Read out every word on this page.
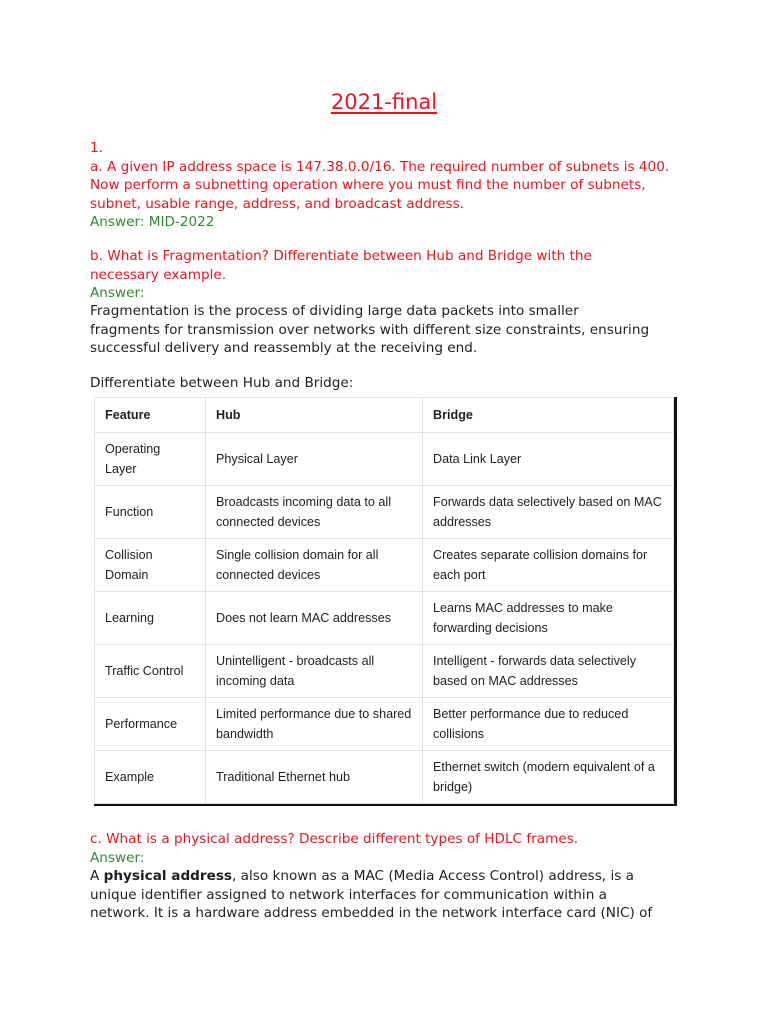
2021-final

1.

a. A given IP address space is 147.38.0.0/16. The required number of subnets is 400.

Now perform a subnetting operation where you must find the number of subnets,

subnet, usable range, address, and broadcast address.

Answer: MID-2022

b. What is Fragmentation? Differentiate between Hub and Bridge with the

necessary example.

Answer:

Fragmentation is the process of dividing large data packets into smaller

fragments for transmission over networks with different size constraints, ensuring

successful delivery and reassembly at the receiving end.

Differentiate between Hub and Bridge:

Feature	Hub	Bridge
Operating Layer	Physical Layer	Data Link Layer
Function	Broadcasts incoming data to all connected devices	Forwards data selectively based on MAC addresses
Collision Domain	Single collision domain for all connected devices	Creates separate collision domains for each port
Learning	Does not learn MAC addresses	Learns MAC addresses to make forwarding decisions
Traffic Control	Unintelligent - broadcasts all incoming data	Intelligent - forwards data selectively based on MAC addresses
Performance	Limited performance due to shared bandwidth	Better performance due to reduced collisions
Example	Traditional Ethernet hub	Ethernet switch (modern equivalent of a bridge)

c. What is a physical address? Describe different types of HDLC frames.

Answer:

A physical address, also known as a MAC (Media Access Control) address, is a

unique identifier assigned to network interfaces for communication within a

network. It is a hardware address embedded in the network interface card (NIC) of
